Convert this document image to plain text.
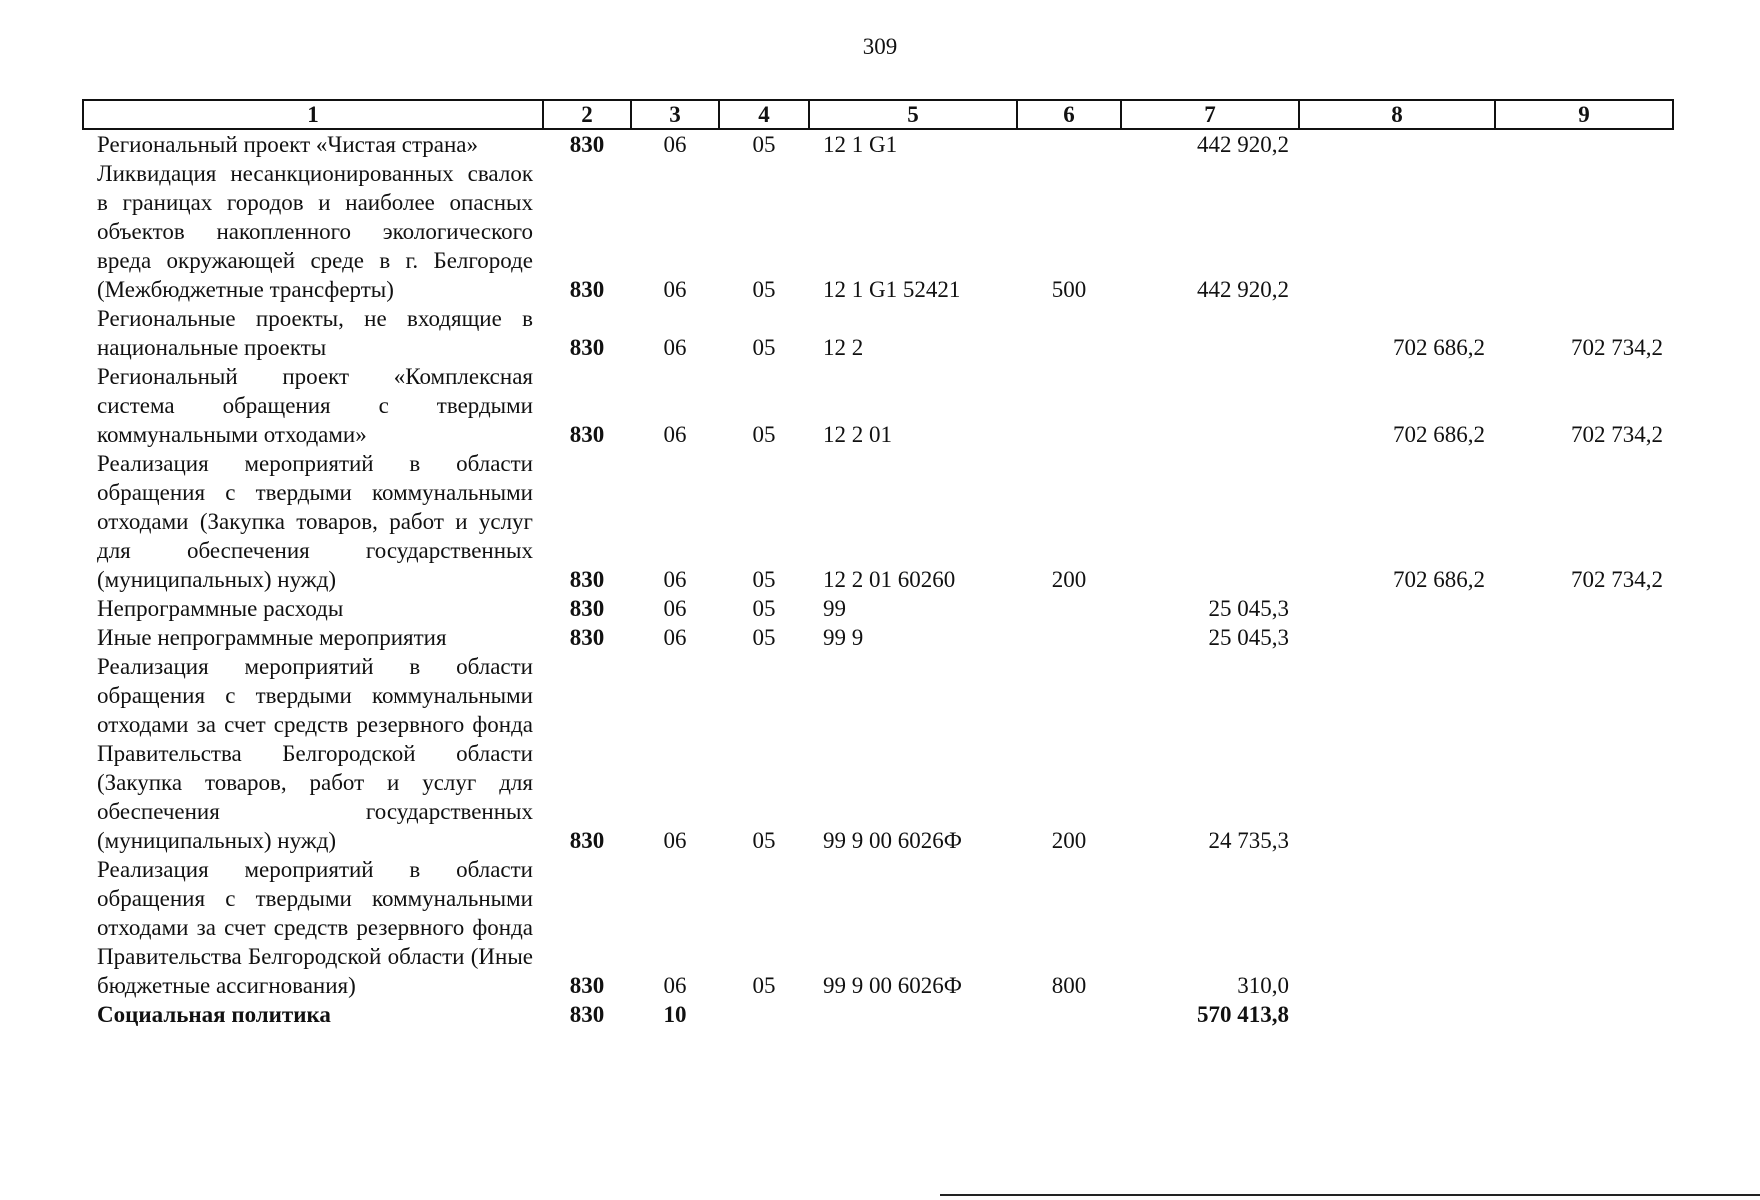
309
1	2	3	4	5	6	7	8	9
Региональный проект «Чистая страна»	830	06	05	12 1 G1		442 920,2		
Ликвидация несанкционированных свалок в границах городов и наиболее опасных объектов накопленного экологического вреда окружающей среде в г. Белгороде (Межбюджетные трансферты)	830	06	05	12 1 G1 52421	500	442 920,2		
Региональные проекты, не входящие в национальные проекты	830	06	05	12 2			702 686,2	702 734,2
Региональный проект «Комплексная система обращения с твердыми коммунальными отходами»	830	06	05	12 2 01			702 686,2	702 734,2
Реализация мероприятий в области обращения с твердыми коммунальными отходами (Закупка товаров, работ и услуг для обеспечения государственных (муниципальных) нужд)	830	06	05	12 2 01 60260	200		702 686,2	702 734,2
Непрограммные расходы	830	06	05	99		25 045,3		
Иные непрограммные мероприятия	830	06	05	99 9		25 045,3		
Реализация мероприятий в области обращения с твердыми коммунальными отходами за счет средств резервного фонда Правительства Белгородской области (Закупка товаров, работ и услуг для обеспечения государственных (муниципальных) нужд)	830	06	05	99 9 00 6026Ф	200	24 735,3		
Реализация мероприятий в области обращения с твердыми коммунальными отходами за счет средств резервного фонда Правительства Белгородской области (Иные бюджетные ассигнования)	830	06	05	99 9 00 6026Ф	800	310,0		
Социальная политика	830	10				570 413,8		
